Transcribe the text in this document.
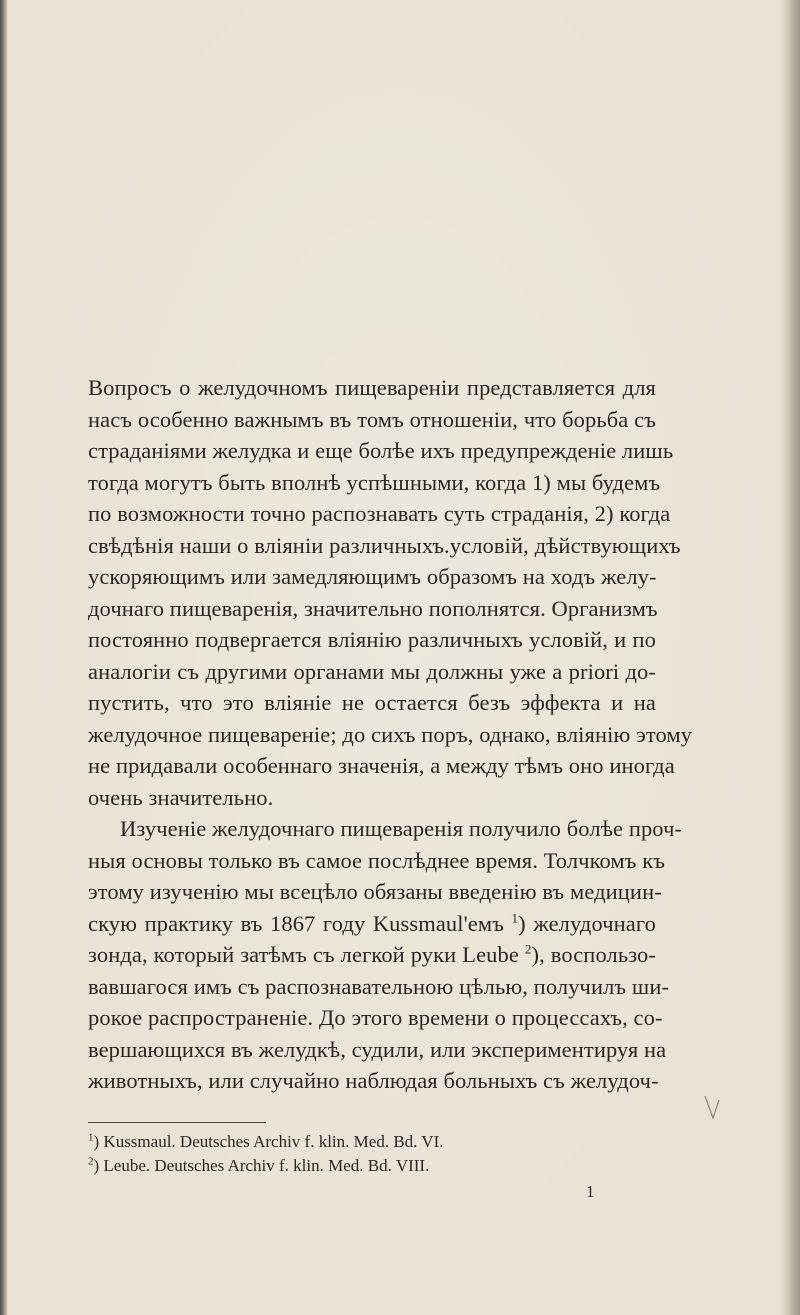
Вопросъ о желудочномъ пищевареніи представляется для
насъ особенно важнымъ въ томъ отношеніи, что борьба съ
страданіями желудка и еще болѣе ихъ предупрежденіе лишь
тогда могутъ быть вполнѣ успѣшными, когда 1) мы будемъ
по возможности точно распознавать суть страданія, 2) когда
свѣдѣнія наши о вліяніи различныхъ.условій, дѣйствующихъ
ускоряющимъ или замедляющимъ образомъ на ходъ желу-
дочнаго пищеваренія, значительно пополнятся. Организмъ
постоянно подвергается вліянію различныхъ условій, и по
аналогіи съ другими органами мы должны уже a priori до-
пустить, что это вліяніе не остается безъ эффекта и на
желудочное пищевареніе; до сихъ поръ, однако, вліянію этому
не придавали особеннаго значенія, а между тѣмъ оно иногда
очень значительно.
Изученіе желудочнаго пищеваренія получило болѣе проч-
ныя основы только въ самое послѣднее время. Толчкомъ къ
этому изученію мы всецѣло обязаны введенію въ медицин-
скую практику въ 1867 году Kussmaul'емъ $^1$) желудочнаго
зонда, который затѣмъ съ легкой руки Leube $^2$), воспользо-
вавшагося имъ съ распознавательною цѣлью, получилъ ши-
рокое распространеніе. До этого времени о процессахъ, со-
вершающихся въ желудкѣ, судили, или экспериментируя на
животныхъ, или случайно наблюдая больныхъ съ желудоч-
$^1$) Kussmaul. Deutsches Archiv f. klin. Med. Bd. VI.
$^2$) Leube. Deutsches Archiv f. klin. Med. Bd. VIII.
1
